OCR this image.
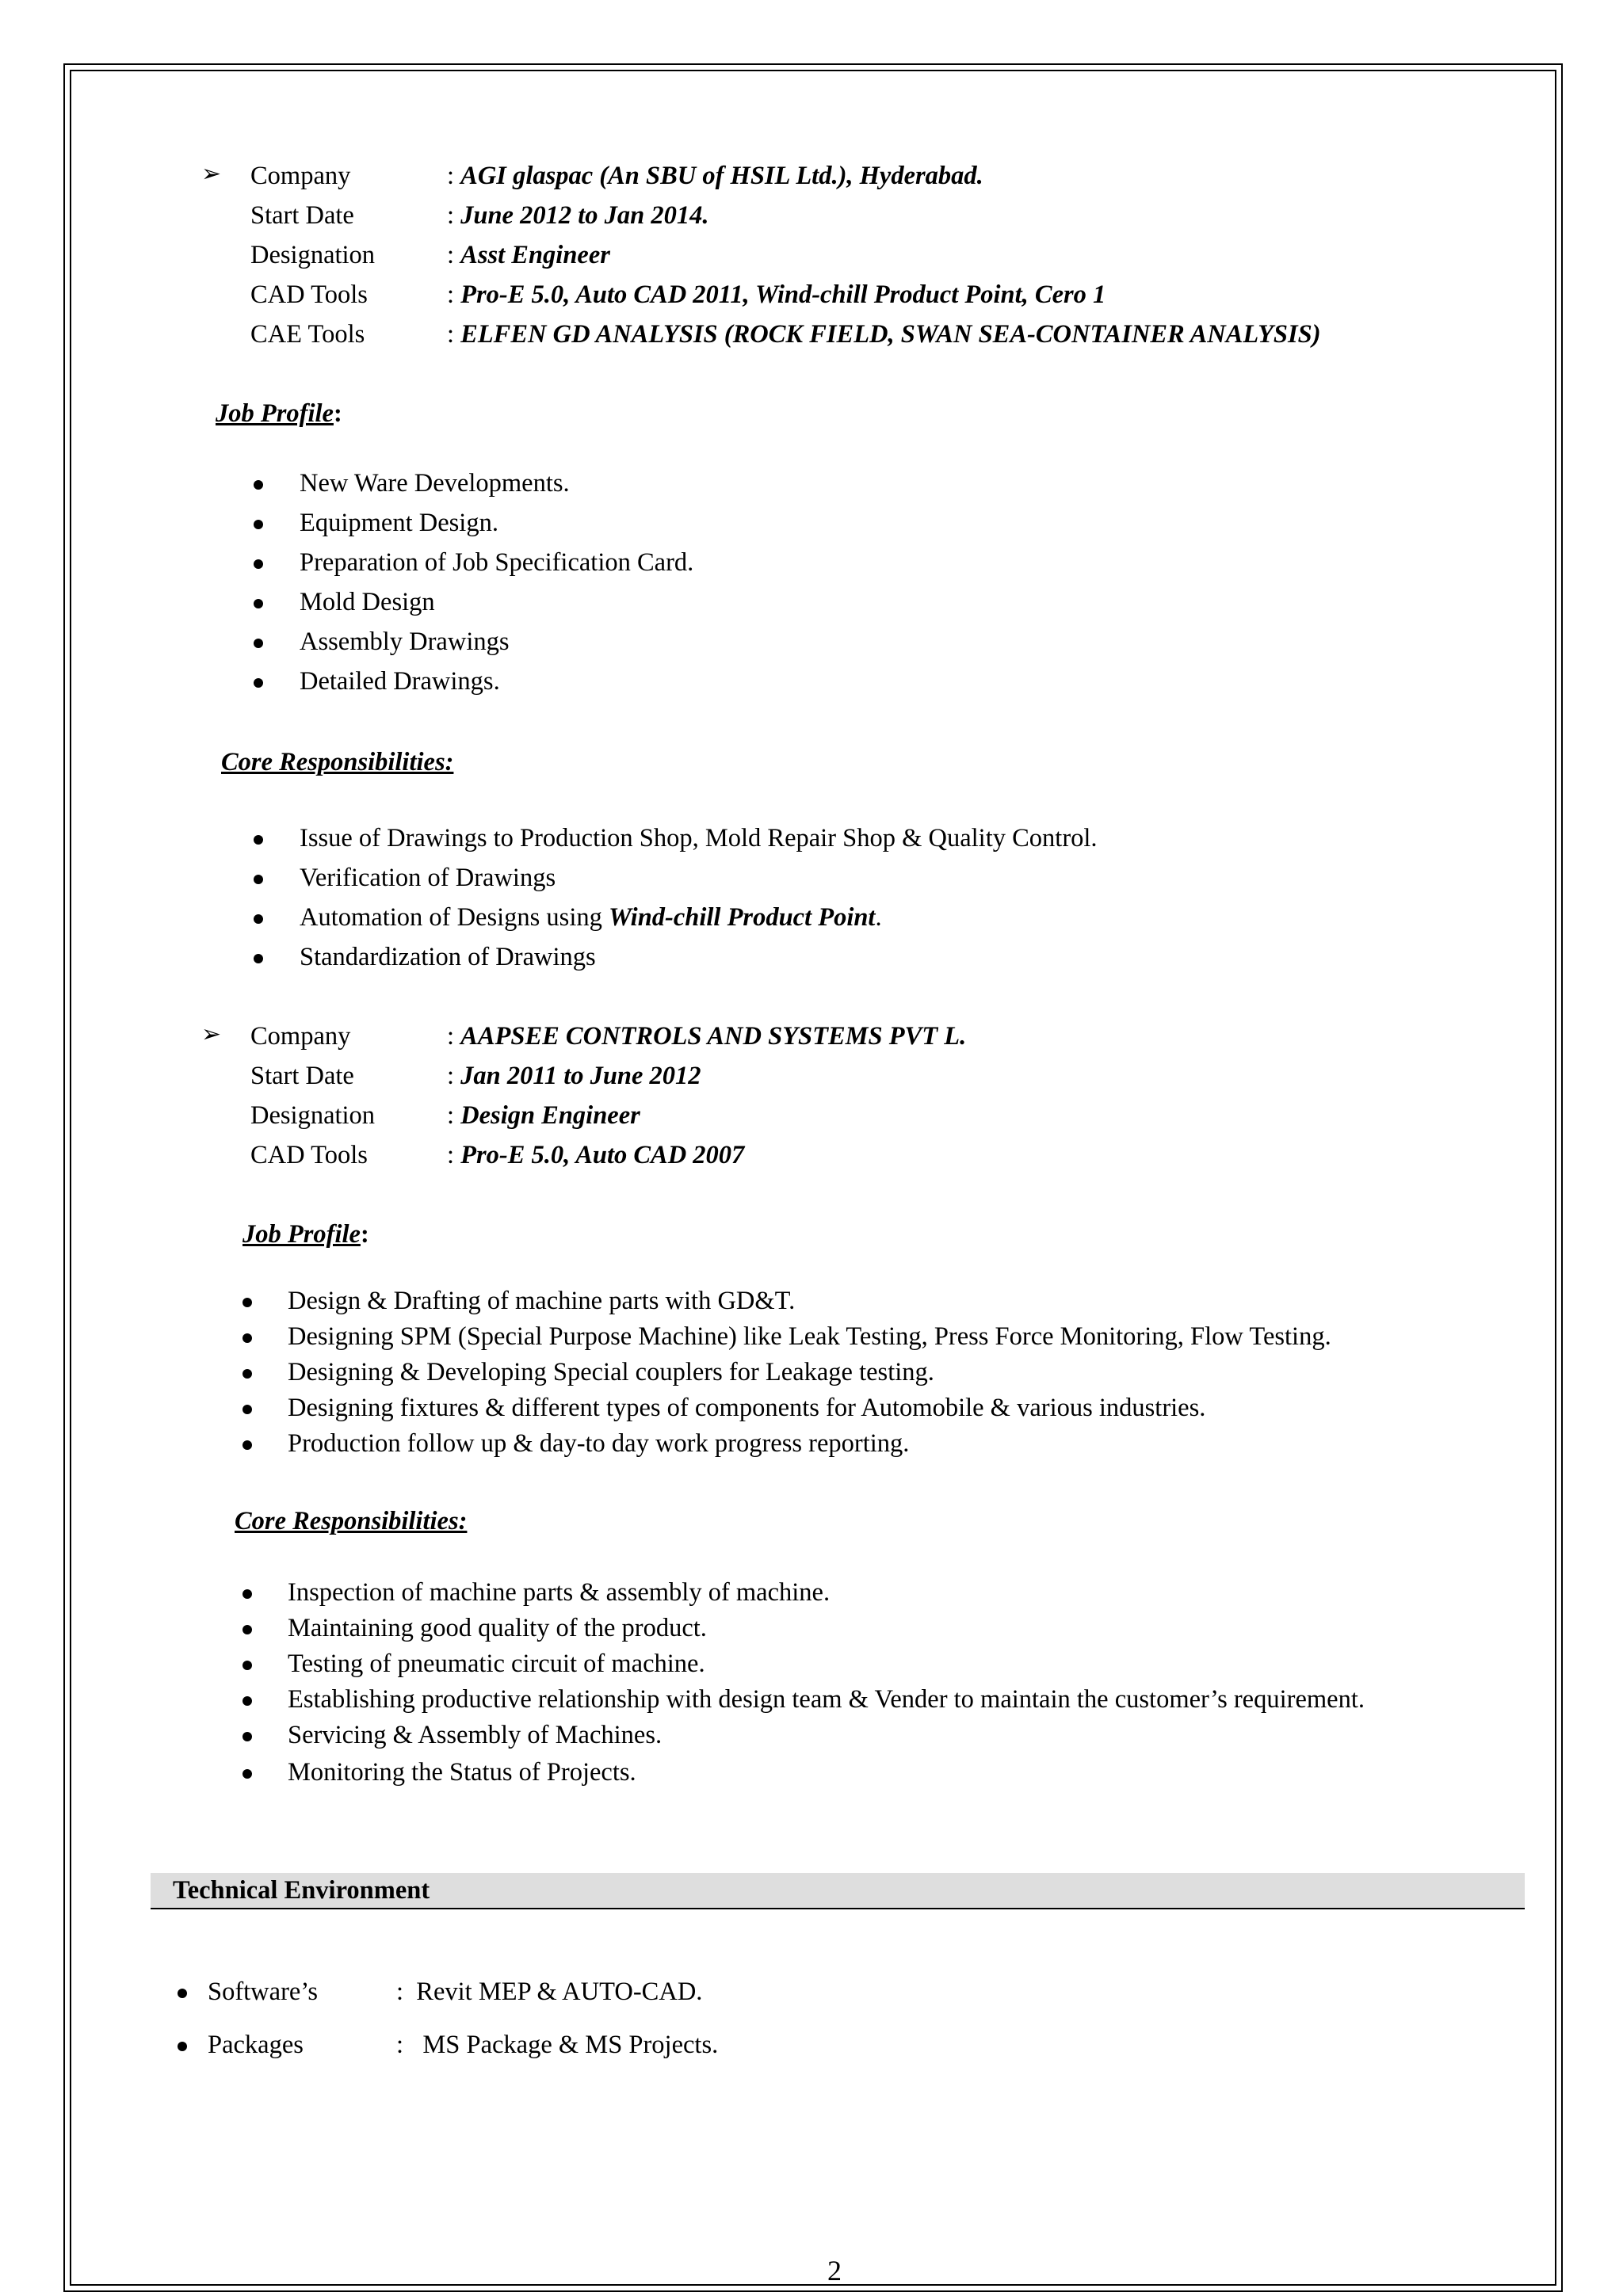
➢ Company	: AGI glaspac (An SBU of HSIL Ltd.), Hyderabad.
Start Date	: June 2012 to Jan 2014.
Designation	: Asst Engineer
CAD Tools	: Pro-E 5.0, Auto CAD 2011, Wind-chill Product Point, Cero 1
CAE Tools	: ELFEN GD ANALYSIS (ROCK FIELD, SWAN SEA-CONTAINER ANALYSIS)
Job Profile:
New Ware Developments.
Equipment Design.
Preparation of Job Specification Card.
Mold Design
Assembly Drawings
Detailed Drawings.
Core Responsibilities:
Issue of Drawings to Production Shop, Mold Repair Shop & Quality Control.
Verification of Drawings
Automation of Designs using Wind-chill Product Point.
Standardization of Drawings
➢ Company	: AAPSEE CONTROLS AND SYSTEMS PVT L.
Start Date	: Jan 2011 to June 2012
Designation	: Design Engineer
CAD Tools	: Pro-E 5.0, Auto CAD 2007
Job Profile:
Design & Drafting of machine parts with GD&T.
Designing SPM (Special Purpose Machine) like Leak Testing, Press Force Monitoring, Flow Testing.
Designing & Developing Special couplers for Leakage testing.
Designing fixtures & different types of components for Automobile & various industries.
Production follow up & day-to day work progress reporting.
Core Responsibilities:
Inspection of machine parts & assembly of machine.
Maintaining good quality of the product.
Testing of pneumatic circuit of machine.
Establishing productive relationship with design team & Vender to maintain the customer’s requirement.
Servicing & Assembly of Machines.
Monitoring the Status of Projects.
Technical Environment
Software’s	:  Revit MEP & AUTO-CAD.
Packages	:   MS Package & MS Projects.
2
